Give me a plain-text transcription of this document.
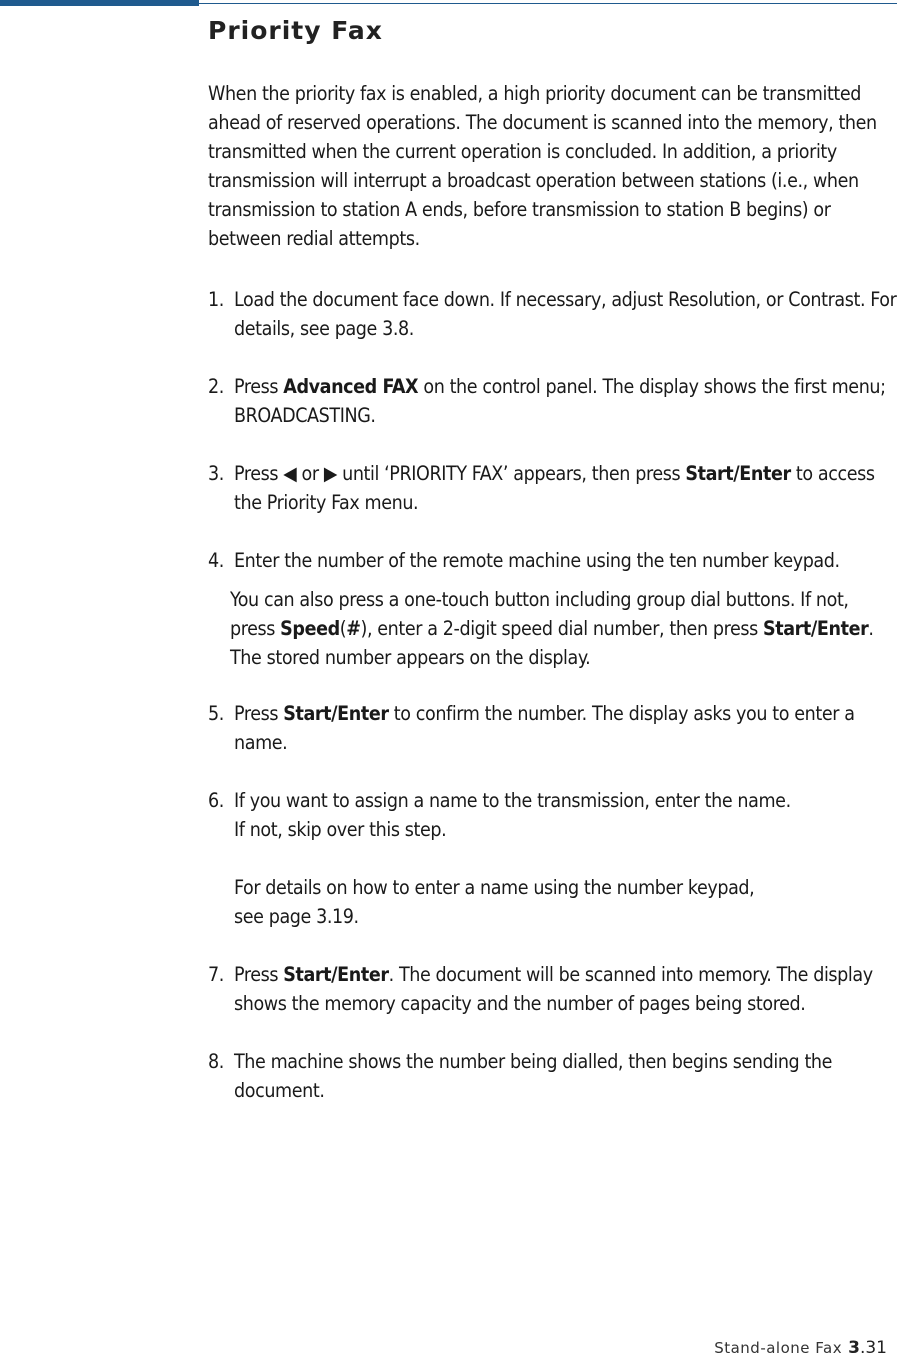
Priority Fax

When the priority fax is enabled, a high priority document can be transmitted ahead of reserved operations. The document is scanned into the memory, then transmitted when the current operation is concluded. In addition, a priority transmission will interrupt a broadcast operation between stations (i.e., when transmission to station A ends, before transmission to station B begins) or between redial attempts.

1. Load the document face down. If necessary, adjust Resolution, or Contrast. For details, see page 3.8.

2. Press Advanced FAX on the control panel. The display shows the first menu; BROADCASTING.

3. Press ◀ or ▶ until ‘PRIORITY FAX’ appears, then press Start/Enter to access the Priority Fax menu.

4. Enter the number of the remote machine using the ten number keypad.

You can also press a one-touch button including group dial buttons. If not, press Speed(#), enter a 2-digit speed dial number, then press Start/Enter. The stored number appears on the display.

5. Press Start/Enter to confirm the number. The display asks you to enter a name.

6. If you want to assign a name to the transmission, enter the name.
If not, skip over this step.

For details on how to enter a name using the number keypad,
see page 3.19.

7. Press Start/Enter. The document will be scanned into memory. The display shows the memory capacity and the number of pages being stored.

8. The machine shows the number being dialled, then begins sending the document.

Stand-alone Fax 3.31
